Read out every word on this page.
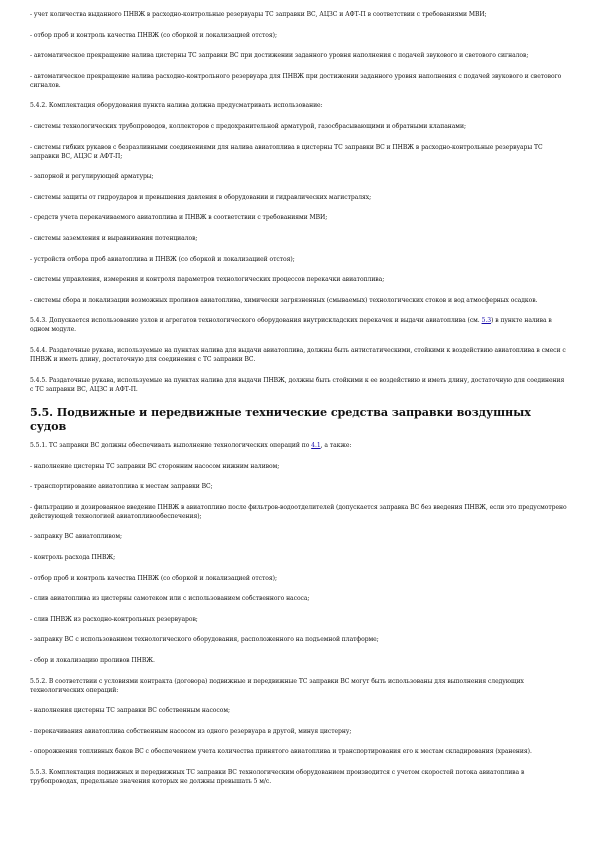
- учет количества выданного ПНВЖ в расходно-контрольные резервуары ТС заправки ВС, АЦЗС и АФТ-П в соответствии с требованиями МВИ;

- отбор проб и контроль качества ПНВЖ (со сборкой и локализацией отстоя);

- автоматическое прекращение налива цистерны ТС заправки ВС при достижении заданного уровня наполнения с подачей звукового и светового сигналов;

- автоматическое прекращение налива расходно-контрольного резервуара для ПНВЖ при достижении заданного уровня наполнения с подачей звукового и светового сигналов.

5.4.2. Комплектация оборудования пункта налива должна предусматривать использование:

- системы технологических трубопроводов, коллекторов с предохранительной арматурой, газосбрасывающими и обратными клапанами;

- системы гибких рукавов с безразливными соединениями для налива авиатоплива в цистерны ТС заправки ВС и ПНВЖ в расходно-контрольные резервуары ТС заправки ВС, АЦЗС и АФТ-П;

- запорной и регулирующей арматуры;

- системы защиты от гидроударов и превышения давления в оборудовании и гидравлических магистралях;

- средств учета перекачиваемого авиатоплива и ПНВЖ в соответствии с требованиями МВИ;

- системы заземления и выравнивания потенциалов;

- устройств отбора проб авиатоплива и ПНВЖ (со сборкой и локализацией отстоя);

- системы управления, измерения и контроля параметров технологических процессов перекачки авиатоплива;

- системы сбора и локализации возможных проливов авиатоплива, химически загрязненных (смываемых) технологических стоков и вод атмосферных осадков.

5.4.3. Допускается использование узлов и агрегатов технологического оборудования внутрискладских перекачек и выдачи авиатоплива (см. 5.3) в пункте налива в одном модуле.

5.4.4. Раздаточные рукава, используемые на пунктах налива для выдачи авиатоплива, должны быть антистатическими, стойкими к воздействию авиатоплива в смеси с ПНВЖ и иметь длину, достаточную для соединения с ТС заправки ВС.

5.4.5. Раздаточные рукава, используемые на пунктах налива для выдачи ПНВЖ, должны быть стойкими к ее воздействию и иметь длину, достаточную для соединения с ТС заправки ВС, АЦЗС и АФТ-П.

5.5. Подвижные и передвижные технические средства заправки воздушных судов

5.5.1. ТС заправки ВС должны обеспечивать выполнение технологических операций по 4.1, а также:

- наполнение цистерны ТС заправки ВС сторонним насосом нижним наливом;

- транспортирование авиатоплива к местам заправки ВС;

- фильтрацию и дозированное введение ПНВЖ в авиатопливо после фильтров-водоотделителей (допускается заправка ВС без введения ПНВЖ, если это предусмотрено действующей технологией авиатопливообеспечения);

- заправку ВС авиатопливом;

- контроль расхода ПНВЖ;

- отбор проб и контроль качества ПНВЖ (со сборкой и локализацией отстоя);

- слив авиатоплива из цистерны самотеком или с использованием собственного насоса;

- слив ПНВЖ из расходно-контрольных резервуаров;

- заправку ВС с использованием технологического оборудования, расположенного на подъемной платформе;

- сбор и локализацию проливов ПНВЖ.

5.5.2. В соответствии с условиями контракта (договора) подвижные и передвижные ТС заправки ВС могут быть использованы для выполнения следующих технологических операций:

- наполнения цистерны ТС заправки ВС собственным насосом;

- перекачивания авиатоплива собственным насосом из одного резервуара в другой, минуя цистерну;

- опорожнения топливных баков ВС с обеспечением учета количества принятого авиатоплива и транспортирования его к местам складирования (хранения).

5.5.3. Комплектация подвижных и передвижных ТС заправки ВС технологическим оборудованием производится с учетом скоростей потока авиатоплива в трубопроводах, предельные значения которых не должны превышать 5 м/с.
